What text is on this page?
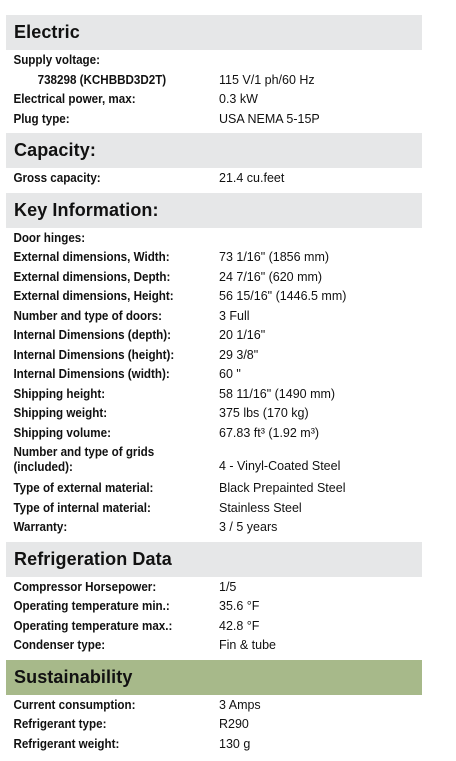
Electric
Supply voltage:
738298 (KCHBBD3D2T)	115 V/1 ph/60 Hz
Electrical power, max:	0.3 kW
Plug type:	USA NEMA 5-15P
Capacity:
Gross capacity:	21.4 cu.feet
Key Information:
Door hinges:
External dimensions, Width:	73 1/16" (1856 mm)
External dimensions, Depth:	24 7/16" (620 mm)
External dimensions, Height:	56 15/16" (1446.5 mm)
Number and type of doors:	3 Full
Internal Dimensions (depth):	20 1/16"
Internal Dimensions (height):	29 3/8"
Internal Dimensions (width):	60 "
Shipping height:	58 11/16" (1490 mm)
Shipping weight:	375 lbs (170 kg)
Shipping volume:	67.83 ft³ (1.92 m³)
Number and type of grids (included):	4 - Vinyl-Coated Steel
Type of external material:	Black Prepainted Steel
Type of internal material:	Stainless Steel
Warranty:	3 / 5 years
Refrigeration Data
Compressor Horsepower:	1/5
Operating temperature min.:	35.6 °F
Operating temperature max.:	42.8 °F
Condenser type:	Fin & tube
Sustainability
Current consumption:	3 Amps
Refrigerant type:	R290
Refrigerant weight:	130 g
